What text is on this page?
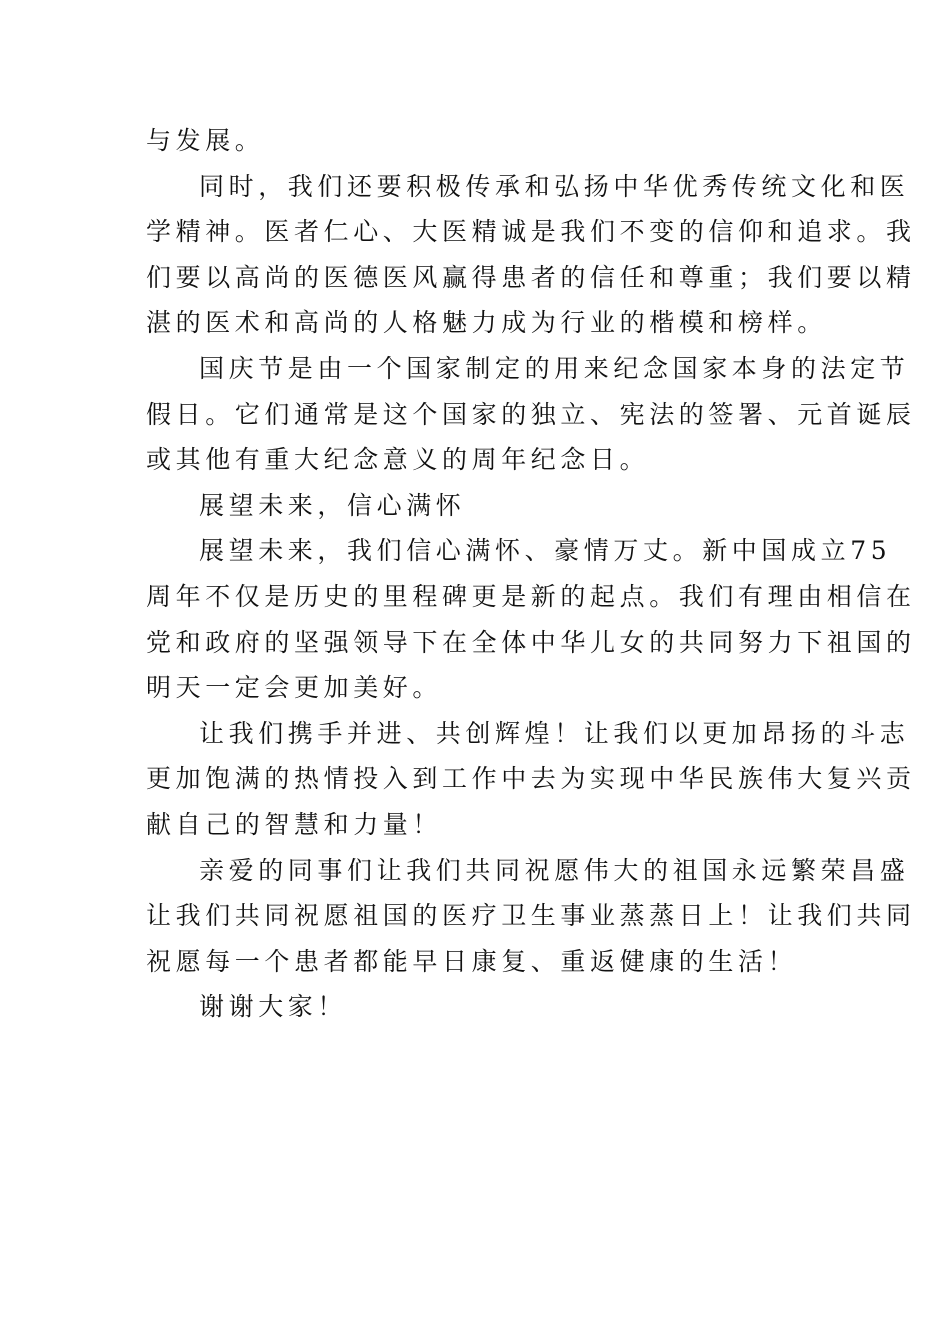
与发展。
同时，我们还要积极传承和弘扬中华优秀传统文化和医
学精神。医者仁心、大医精诚是我们不变的信仰和追求。我
们要以高尚的医德医风赢得患者的信任和尊重；我们要以精
湛的医术和高尚的人格魅力成为行业的楷模和榜样。
国庆节是由一个国家制定的用来纪念国家本身的法定节
假日。它们通常是这个国家的独立、宪法的签署、元首诞辰
或其他有重大纪念意义的周年纪念日。
展望未来，信心满怀
展望未来，我们信心满怀、豪情万丈。新中国成立75
周年不仅是历史的里程碑更是新的起点。我们有理由相信在
党和政府的坚强领导下在全体中华儿女的共同努力下祖国的
明天一定会更加美好。
让我们携手并进、共创辉煌！让我们以更加昂扬的斗志
更加饱满的热情投入到工作中去为实现中华民族伟大复兴贡
献自己的智慧和力量！
亲爱的同事们让我们共同祝愿伟大的祖国永远繁荣昌盛
让我们共同祝愿祖国的医疗卫生事业蒸蒸日上！让我们共同
祝愿每一个患者都能早日康复、重返健康的生活！
谢谢大家！
